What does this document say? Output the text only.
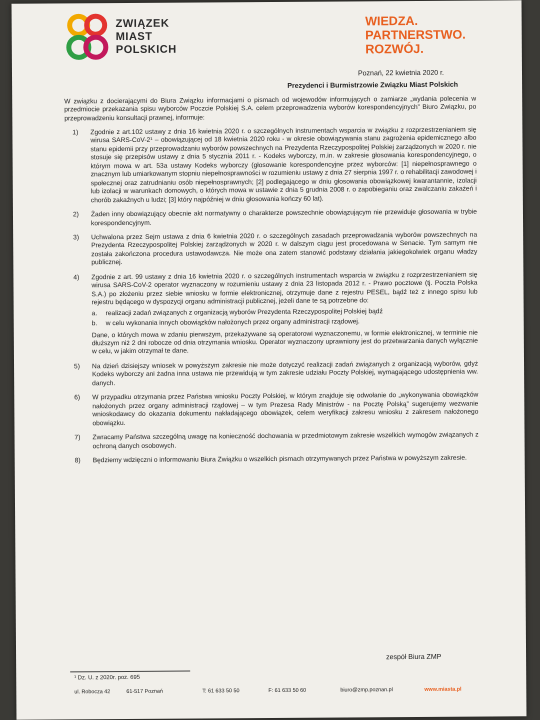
ZWIĄZEK
MIAST
POLSKICH
WIEDZA.
PARTNERSTWO.
ROZWÓJ.
Poznań, 22 kwietnia 2020 r.
Prezydenci i Burmistrzowie Związku Miast Polskich
W związku z docierającymi do Biura Związku informacjami o pismach od wojewodów informujących o zamiarze „wydania polecenia w przedmiocie przekazania spisu wyborców Poczcie Polskiej S.A. celem przeprowadzenia wyborów korespondencyjnych” Biuro Związku, po przeprowadzeniu konsultacji prawnej, informuje:
1) Zgodnie z art.102 ustawy z dnia 16 kwietnia 2020 r. o szczególnych instrumentach wsparcia w związku z rozprzestrzenianiem się wirusa SARS-CoV-2¹ – obowiązującej od 18 kwietnia 2020 roku - w okresie obowiązywania stanu zagrożenia epidemicznego albo stanu epidemii przy przeprowadzaniu wyborów powszechnych na Prezydenta Rzeczypospolitej Polskiej zarządzonych w 2020 r. nie stosuje się przepisów ustawy z dnia 5 stycznia 2011 r. - Kodeks wyborczy, m.in. w zakresie głosowania korespondencyjnego, o którym mowa w art. 53a ustawy Kodeks wyborczy (głosowanie korespondencyjne przez wyborców: [1] niepełnosprawnego o znacznym lub umiarkowanym stopniu niepełnosprawności w rozumieniu ustawy z dnia 27 sierpnia 1997 r. o rehabilitacji zawodowej i społecznej oraz zatrudnianiu osób niepełnosprawnych; [2] podlegającego w dniu głosowania obowiązkowej kwarantannie, izolacji lub izolacji w warunkach domowych, o których mowa w ustawie z dnia 5 grudnia 2008 r. o zapobieganiu oraz zwalczaniu zakażeń i chorób zakaźnych u ludzi; [3] który najpóźniej w dniu głosowania kończy 60 lat).
2) Żaden inny obowiązujący obecnie akt normatywny o charakterze powszechnie obowiązującym nie przewiduje głosowania w trybie korespondencyjnym.
3) Uchwalona przez Sejm ustawa z dnia 6 kwietnia 2020 r. o szczególnych zasadach przeprowadzania wyborów powszechnych na Prezydenta Rzeczypospolitej Polskiej zarządzonych w 2020 r. w dalszym ciągu jest procedowana w Senacie. Tym samym nie została zakończona procedura ustawodawcza. Nie może ona zatem stanowić podstawy działania jakiegokolwiek organu władzy publicznej.
4) Zgodnie z art. 99 ustawy z dnia 16 kwietnia 2020 r. o szczególnych instrumentach wsparcia w związku z rozprzestrzenianiem się wirusa SARS-CoV-2 operator wyznaczony w rozumieniu ustawy z dnia 23 listopada 2012 r. - Prawo pocztowe (tj. Poczta Polska S.A.) po złożeniu przez siebie wniosku w formie elektronicznej, otrzymuje dane z rejestru PESEL, bądź też z innego spisu lub rejestru będącego w dyspozycji organu administracji publicznej, jeżeli dane te są potrzebne do:
a. realizacji zadań związanych z organizacją wyborów Prezydenta Rzeczypospolitej Polskiej bądź
b. w celu wykonania innych obowiązków nałożonych przez organy administracji rządowej.
Dane, o których mowa w zdaniu pierwszym, przekazywane są operatorowi wyznaczonemu, w formie elektronicznej, w terminie nie dłuższym niż 2 dni robocze od dnia otrzymania wniosku. Operator wyznaczony uprawniony jest do przetwarzania danych wyłącznie w celu, w jakim otrzymał te dane.
5) Na dzień dzisiejszy wniosek w powyższym zakresie nie może dotyczyć realizacji zadań związanych z organizacją wyborów, gdyż Kodeks wyborczy ani żadna inna ustawa nie przewidują w tym zakresie udziału Poczty Polskiej, wymagającego udostępnienia ww. danych.
6) W przypadku otrzymania przez Państwa wniosku Poczty Polskiej, w którym znajduje się odwołanie do „wykonywania obowiązków nałożonych przez organy administracji rządowej – w tym Prezesa Rady Ministrów - na Pocztę Polską” sugerujemy wezwanie wnioskodawcy do okazania dokumentu nakładającego obowiązek, celem weryfikacji zakresu wniosku z zakresem nałożonego obowiązku.
7) Zwracamy Państwa szczególną uwagę na konieczność dochowania w przedmiotowym zakresie wszelkich wymogów związanych z ochroną danych osobowych.
8) Będziemy wdzięczni o informowaniu Biura Związku o wszelkich pismach otrzymywanych przez Państwa w powyższym zakresie.
zespół Biura ZMP
¹ Dz. U. z 2020r. poz. 695
ul. Robocza 42	61-517 Poznań	T: 61 633 50 50	F: 61 633 50 60	biuro@zmp.poznan.pl	www.miasta.pl
